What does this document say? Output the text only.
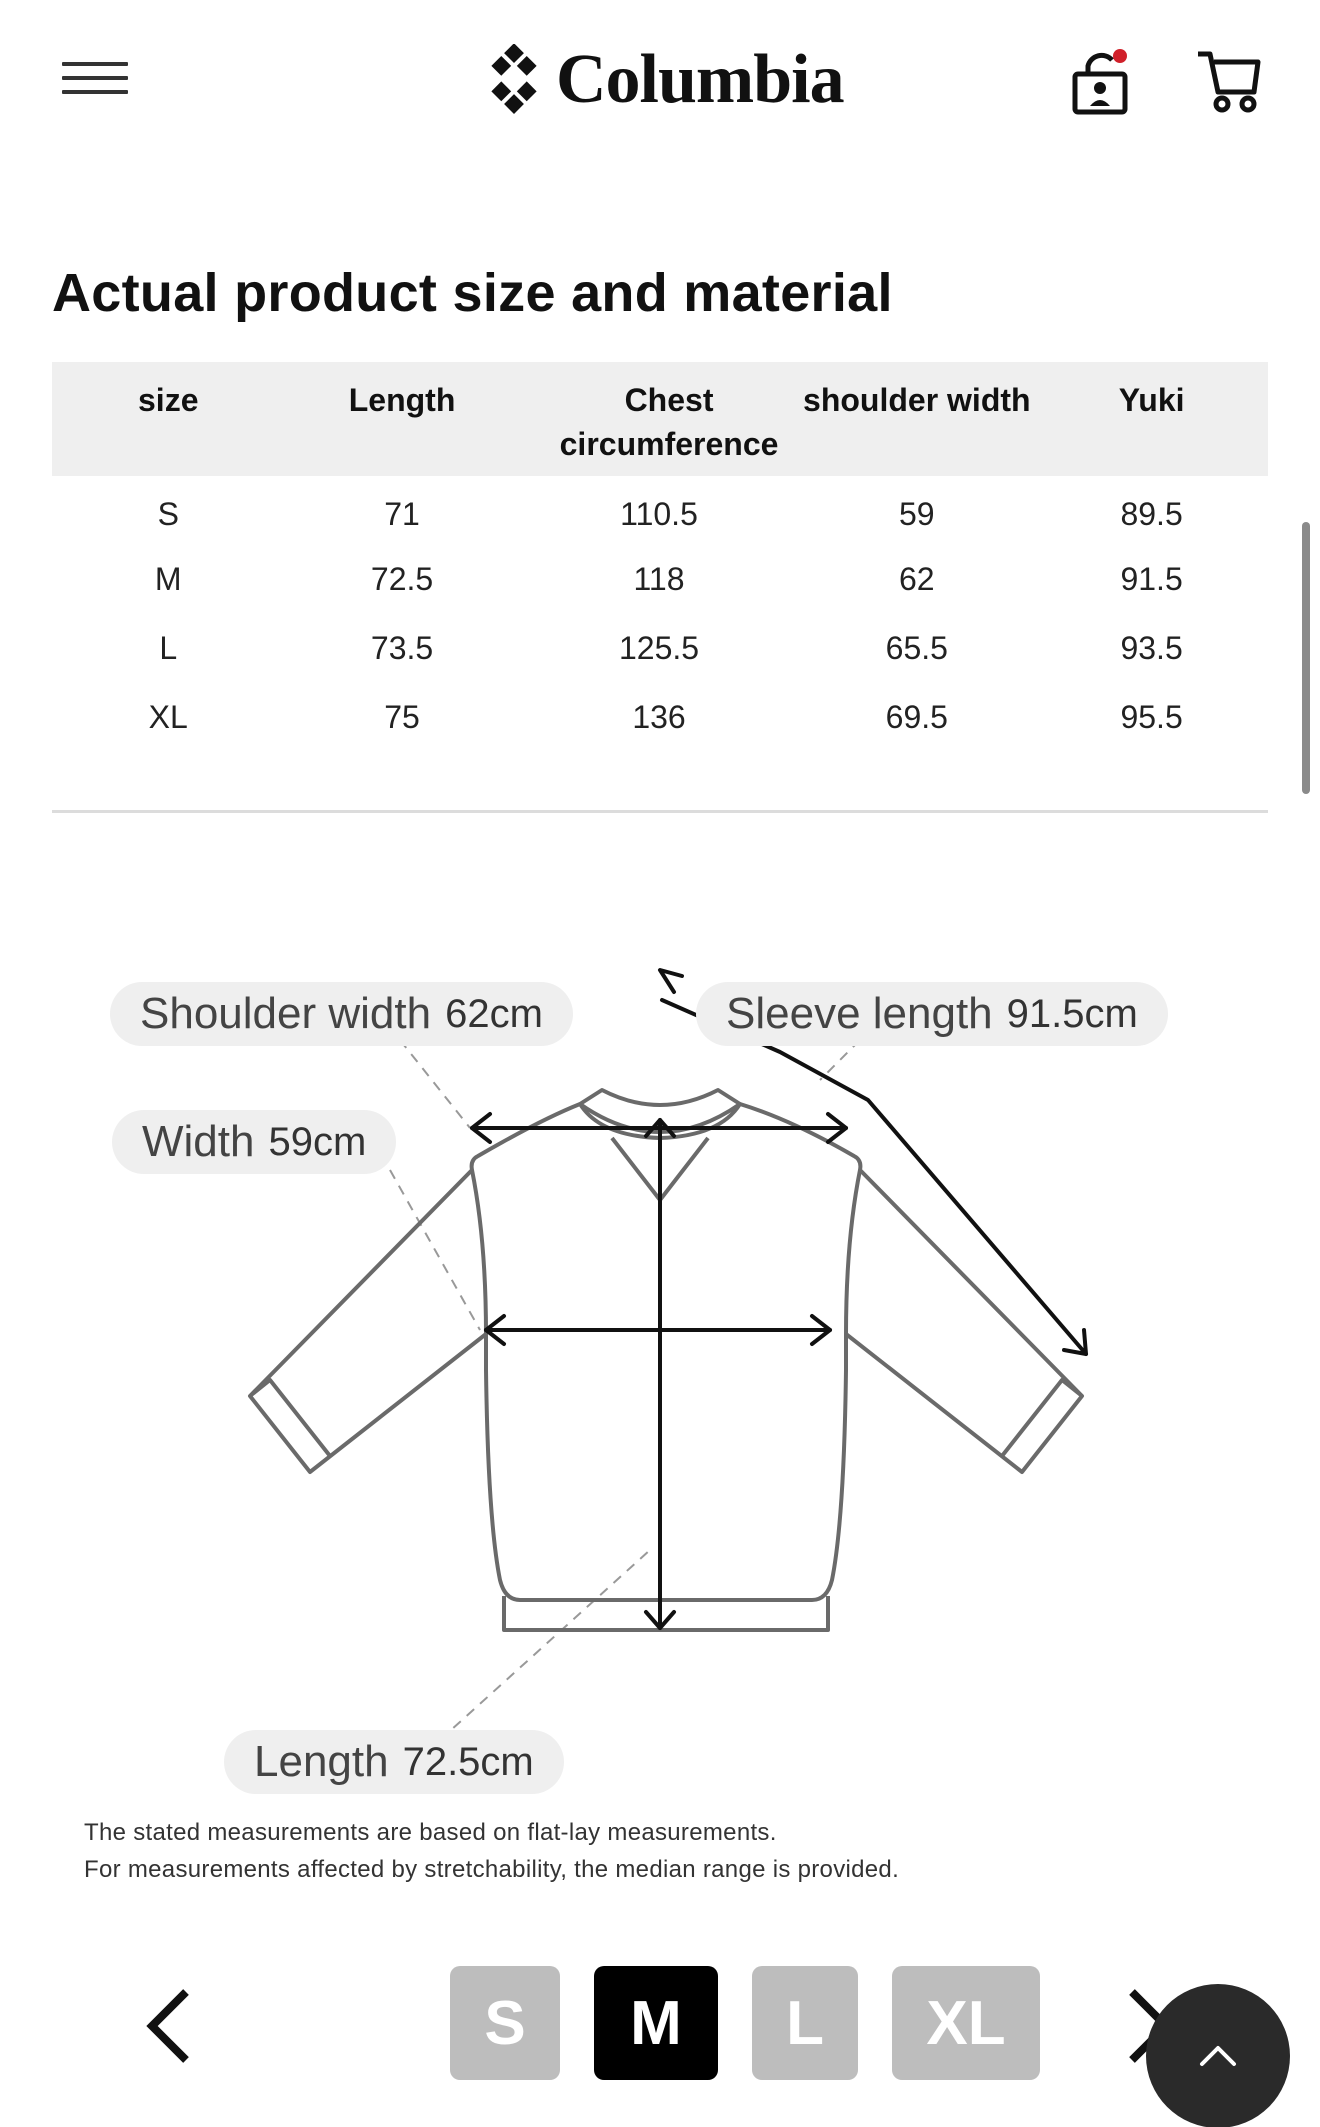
Columbia
Actual product size and material
size	Length	Chest circumference	shoulder width	Yuki
S	71	110.5	59	89.5
M	72.5	118	62	91.5
L	73.5	125.5	65.5	93.5
XL	75	136	69.5	95.5
Shoulder width 62cm	Sleeve length 91.5cm
Width 59cm
Length 72.5cm
The stated measurements are based on flat-lay measurements.
For measurements affected by stretchability, the median range is provided.
S	M	L	XL
